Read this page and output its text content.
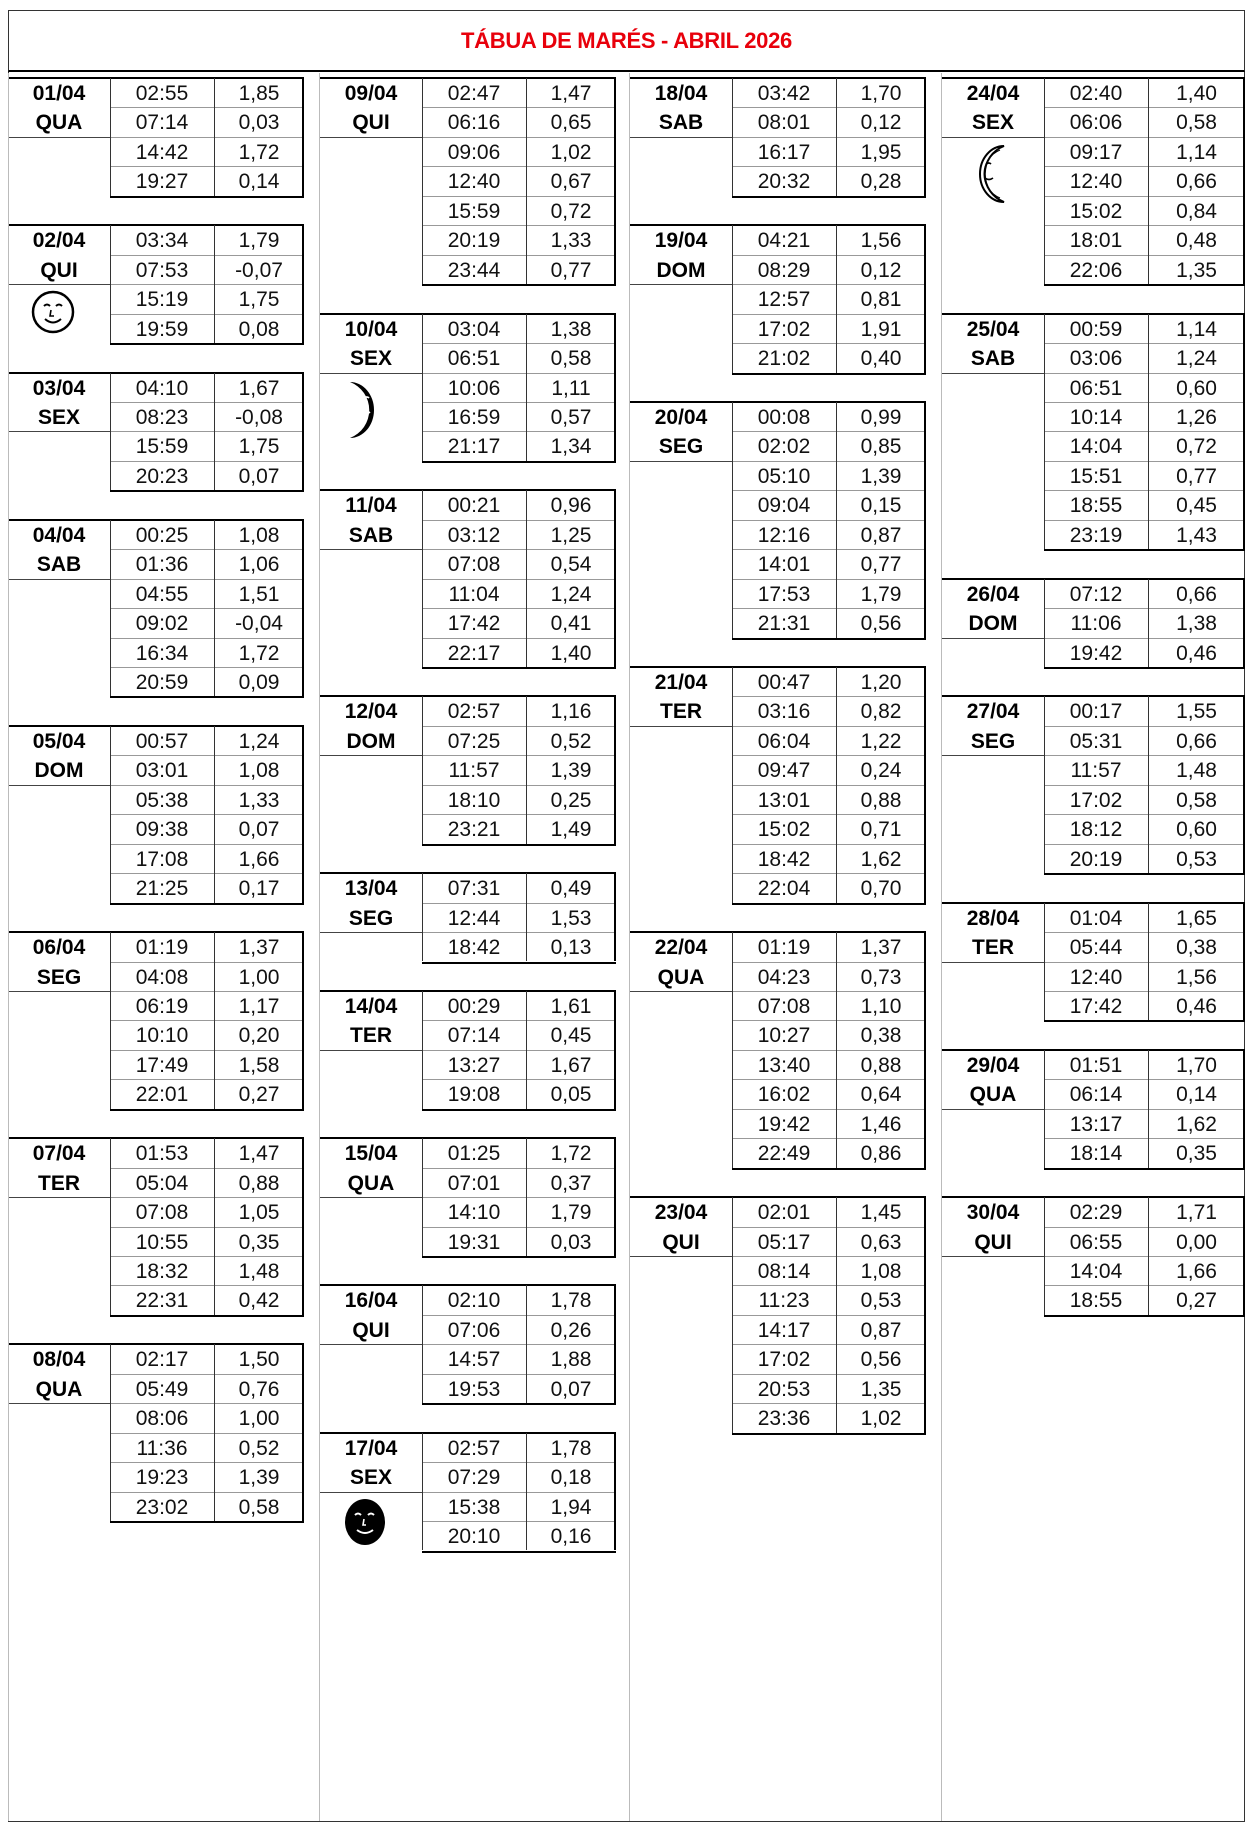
TÁBUA DE MARÉS - ABRIL 2026
01/04
QUA
02:55	1,85
07:14	0,03
14:42	1,72
19:27	0,14
02/04
QUI
03:34	1,79
07:53	-0,07
15:19	1,75
19:59	0,08
03/04
SEX
04:10	1,67
08:23	-0,08
15:59	1,75
20:23	0,07
04/04
SAB
00:25	1,08
01:36	1,06
04:55	1,51
09:02	-0,04
16:34	1,72
20:59	0,09
05/04
DOM
00:57	1,24
03:01	1,08
05:38	1,33
09:38	0,07
17:08	1,66
21:25	0,17
06/04
SEG
01:19	1,37
04:08	1,00
06:19	1,17
10:10	0,20
17:49	1,58
22:01	0,27
07/04
TER
01:53	1,47
05:04	0,88
07:08	1,05
10:55	0,35
18:32	1,48
22:31	0,42
08/04
QUA
02:17	1,50
05:49	0,76
08:06	1,00
11:36	0,52
19:23	1,39
23:02	0,58
09/04
QUI
02:47	1,47
06:16	0,65
09:06	1,02
12:40	0,67
15:59	0,72
20:19	1,33
23:44	0,77
10/04
SEX
03:04	1,38
06:51	0,58
10:06	1,11
16:59	0,57
21:17	1,34
11/04
SAB
00:21	0,96
03:12	1,25
07:08	0,54
11:04	1,24
17:42	0,41
22:17	1,40
12/04
DOM
02:57	1,16
07:25	0,52
11:57	1,39
18:10	0,25
23:21	1,49
13/04
SEG
07:31	0,49
12:44	1,53
18:42	0,13
14/04
TER
00:29	1,61
07:14	0,45
13:27	1,67
19:08	0,05
15/04
QUA
01:25	1,72
07:01	0,37
14:10	1,79
19:31	0,03
16/04
QUI
02:10	1,78
07:06	0,26
14:57	1,88
19:53	0,07
17/04
SEX
02:57	1,78
07:29	0,18
15:38	1,94
20:10	0,16
18/04
SAB
03:42	1,70
08:01	0,12
16:17	1,95
20:32	0,28
19/04
DOM
04:21	1,56
08:29	0,12
12:57	0,81
17:02	1,91
21:02	0,40
20/04
SEG
00:08	0,99
02:02	0,85
05:10	1,39
09:04	0,15
12:16	0,87
14:01	0,77
17:53	1,79
21:31	0,56
21/04
TER
00:47	1,20
03:16	0,82
06:04	1,22
09:47	0,24
13:01	0,88
15:02	0,71
18:42	1,62
22:04	0,70
22/04
QUA
01:19	1,37
04:23	0,73
07:08	1,10
10:27	0,38
13:40	0,88
16:02	0,64
19:42	1,46
22:49	0,86
23/04
QUI
02:01	1,45
05:17	0,63
08:14	1,08
11:23	0,53
14:17	0,87
17:02	0,56
20:53	1,35
23:36	1,02
24/04
SEX
02:40	1,40
06:06	0,58
09:17	1,14
12:40	0,66
15:02	0,84
18:01	0,48
22:06	1,35
25/04
SAB
00:59	1,14
03:06	1,24
06:51	0,60
10:14	1,26
14:04	0,72
15:51	0,77
18:55	0,45
23:19	1,43
26/04
DOM
07:12	0,66
11:06	1,38
19:42	0,46
27/04
SEG
00:17	1,55
05:31	0,66
11:57	1,48
17:02	0,58
18:12	0,60
20:19	0,53
28/04
TER
01:04	1,65
05:44	0,38
12:40	1,56
17:42	0,46
29/04
QUA
01:51	1,70
06:14	0,14
13:17	1,62
18:14	0,35
30/04
QUI
02:29	1,71
06:55	0,00
14:04	1,66
18:55	0,27
